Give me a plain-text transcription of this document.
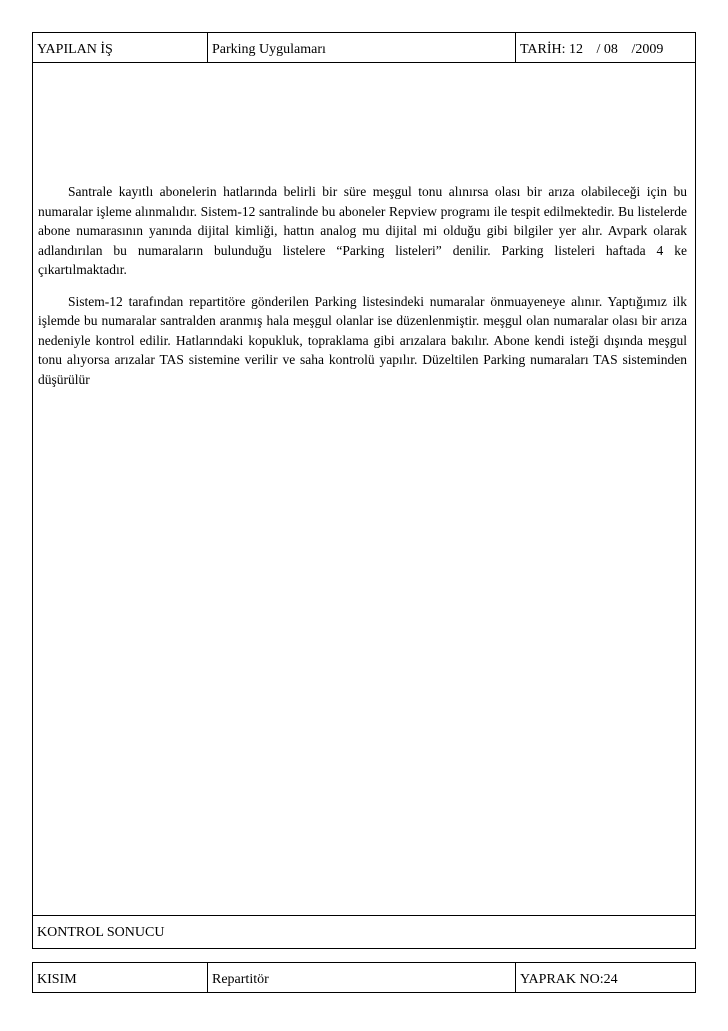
YAPILAN İŞ	Parking Uygulamarı	TARİH: 12 / 08 /2009

Santrale kayıtlı abonelerin hatlarında belirli bir süre meşgul tonu alınırsa olası bir arıza olabileceği için bu numaralar işleme alınmalıdır. Sistem-12 santralinde bu aboneler Repview programı ile tespit edilmektedir. Bu listelerde abone numarasının yanında dijital kimliği, hattın analog mu dijital mi olduğu gibi bilgiler yer alır. Avpark olarak adlandırılan bu numaraların bulunduğu listelere “Parking listeleri” denilir. Parking listeleri haftada 4 ke çıkartılmaktadır.

Sistem-12 tarafından repartitöre gönderilen Parking listesindeki numaralar önmuayeneye alınır. Yaptığımız ilk işlemde bu numaralar santralden aranmış hala meşgul olanlar ise düzenlenmiştir. meşgul olan numaralar olası bir arıza nedeniyle kontrol edilir. Hatlarındaki kopukluk, topraklama gibi arızalara bakılır. Abone kendi isteği dışında meşgul tonu alıyorsa arızalar TAS sistemine verilir ve saha kontrolü yapılır. Düzeltilen Parking numaraları TAS sisteminden düşürülür

KONTROL SONUCU
KISIM	Repartitör	YAPRAK NO:24
